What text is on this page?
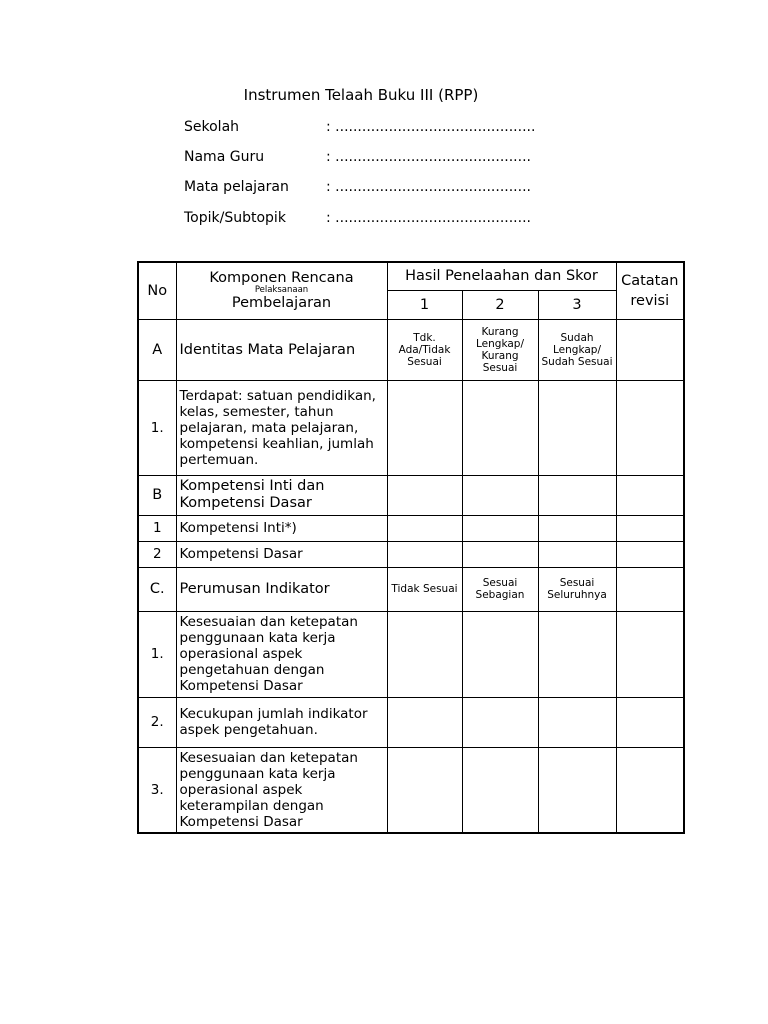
Instrumen Telaah Buku III (RPP)
Sekolah	: .............................................
Nama Guru	: ............................................
Mata pelajaran	: ............................................
Topik/Subtopik	: ............................................
No	Komponen Rencana
Pelaksanaan
Pembelajaran	Hasil Penelaahan dan Skor			Catatan revisi
		1	2	3	
A	Identitas Mata Pelajaran	Tdk. Ada/Tidak Sesuai	Kurang Lengkap/ Kurang Sesuai	Sudah Lengkap/ Sudah Sesuai	
1.	Terdapat: satuan pendidikan, kelas, semester, tahun pelajaran, mata pelajaran, kompetensi keahlian, jumlah pertemuan.				
B	Kompetensi Inti dan Kompetensi Dasar				
1	Kompetensi Inti*)				
2	Kompetensi Dasar				
C.	Perumusan Indikator	Tidak Sesuai	Sesuai Sebagian	Sesuai Seluruhnya	
1.	Kesesuaian dan ketepatan penggunaan kata kerja operasional aspek pengetahuan dengan Kompetensi Dasar				
2.	Kecukupan jumlah indikator aspek pengetahuan.				
3.	Kesesuaian dan ketepatan penggunaan kata kerja operasional aspek keterampilan dengan Kompetensi Dasar				
